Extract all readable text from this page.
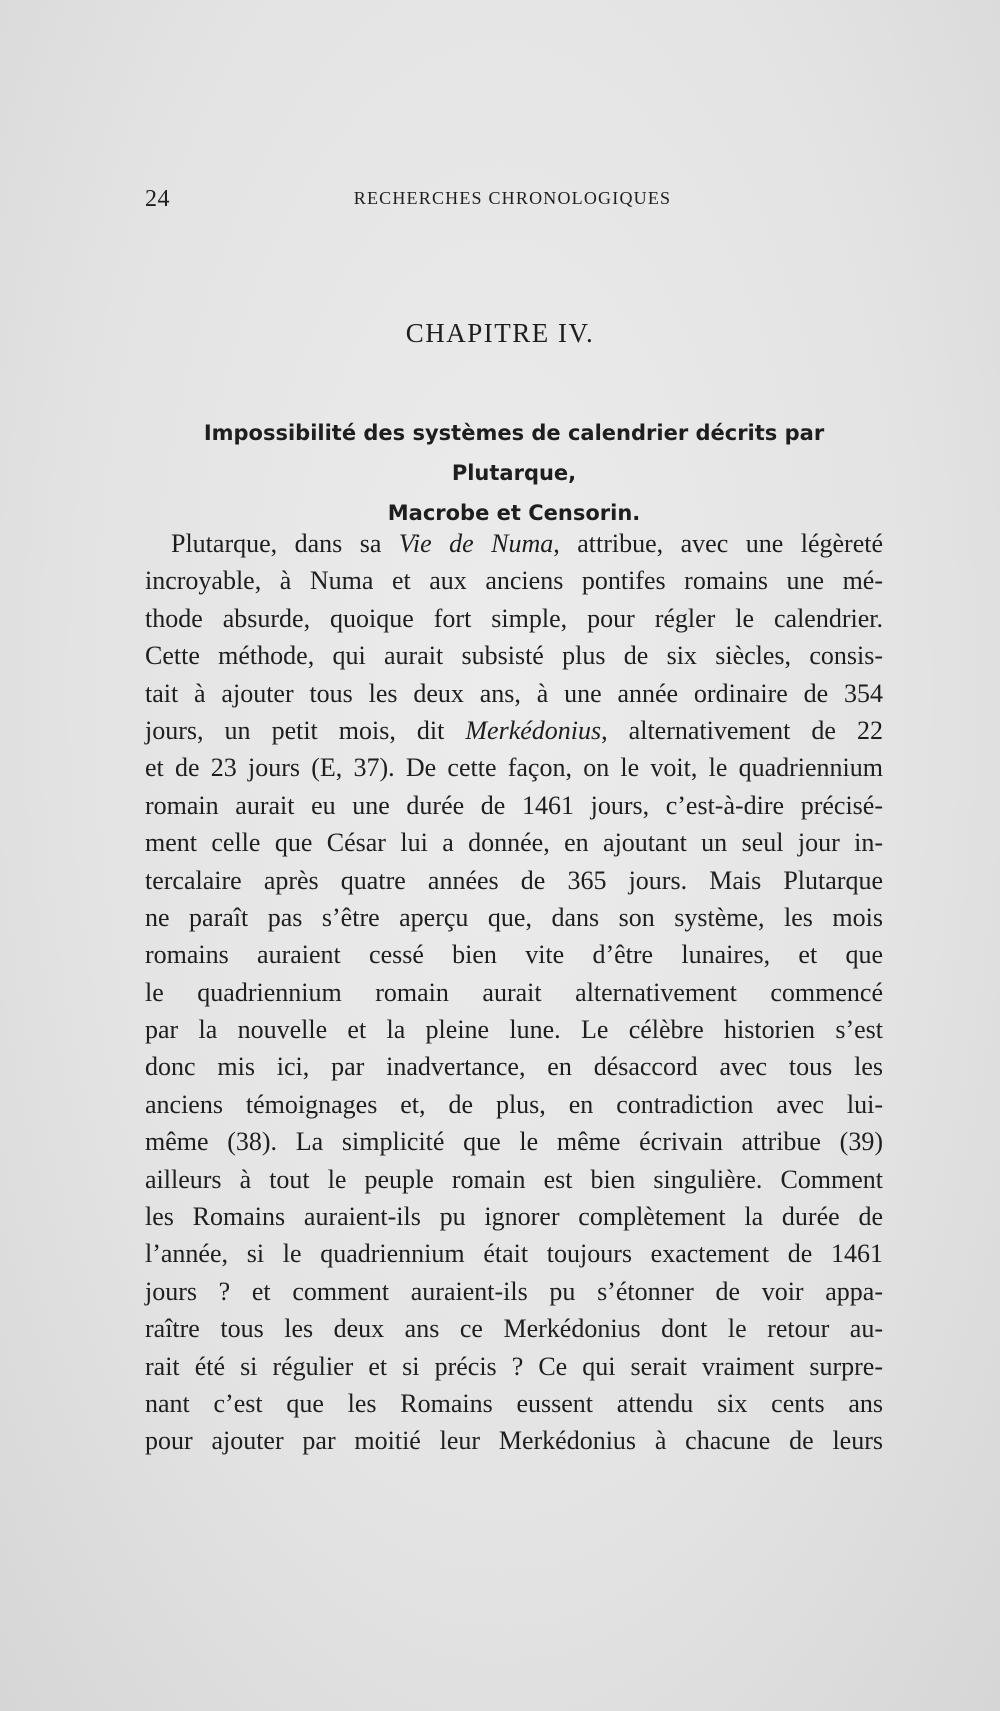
24	RECHERCHES CHRONOLOGIQUES
CHAPITRE IV.
Impossibilité des systèmes de calendrier décrits par Plutarque,
Macrobe et Censorin.
Plutarque, dans sa Vie de Numa, attribue, avec une légèreté
incroyable, à Numa et aux anciens pontifes romains une mé-
thode absurde, quoique fort simple, pour régler le calendrier.
Cette méthode, qui aurait subsisté plus de six siècles, consis-
tait à ajouter tous les deux ans, à une année ordinaire de 354
jours, un petit mois, dit Merkédonius, alternativement de 22
et de 23 jours (E, 37). De cette façon, on le voit, le quadriennium
romain aurait eu une durée de 1461 jours, c’est-à-dire précisé-
ment celle que César lui a donnée, en ajoutant un seul jour in-
tercalaire après quatre années de 365 jours. Mais Plutarque
ne paraît pas s’être aperçu que, dans son système, les mois
romains auraient cessé bien vite d’être lunaires, et que
le quadriennium romain aurait alternativement commencé
par la nouvelle et la pleine lune. Le célèbre historien s’est
donc mis ici, par inadvertance, en désaccord avec tous les
anciens témoignages et, de plus, en contradiction avec lui-
même (38). La simplicité que le même écrivain attribue (39)
ailleurs à tout le peuple romain est bien singulière. Comment
les Romains auraient-ils pu ignorer complètement la durée de
l’année, si le quadriennium était toujours exactement de 1461
jours ? et comment auraient-ils pu s’étonner de voir appa-
raître tous les deux ans ce Merkédonius dont le retour au-
rait été si régulier et si précis ? Ce qui serait vraiment surpre-
nant c’est que les Romains eussent attendu six cents ans
pour ajouter par moitié leur Merkédonius à chacune de leurs
